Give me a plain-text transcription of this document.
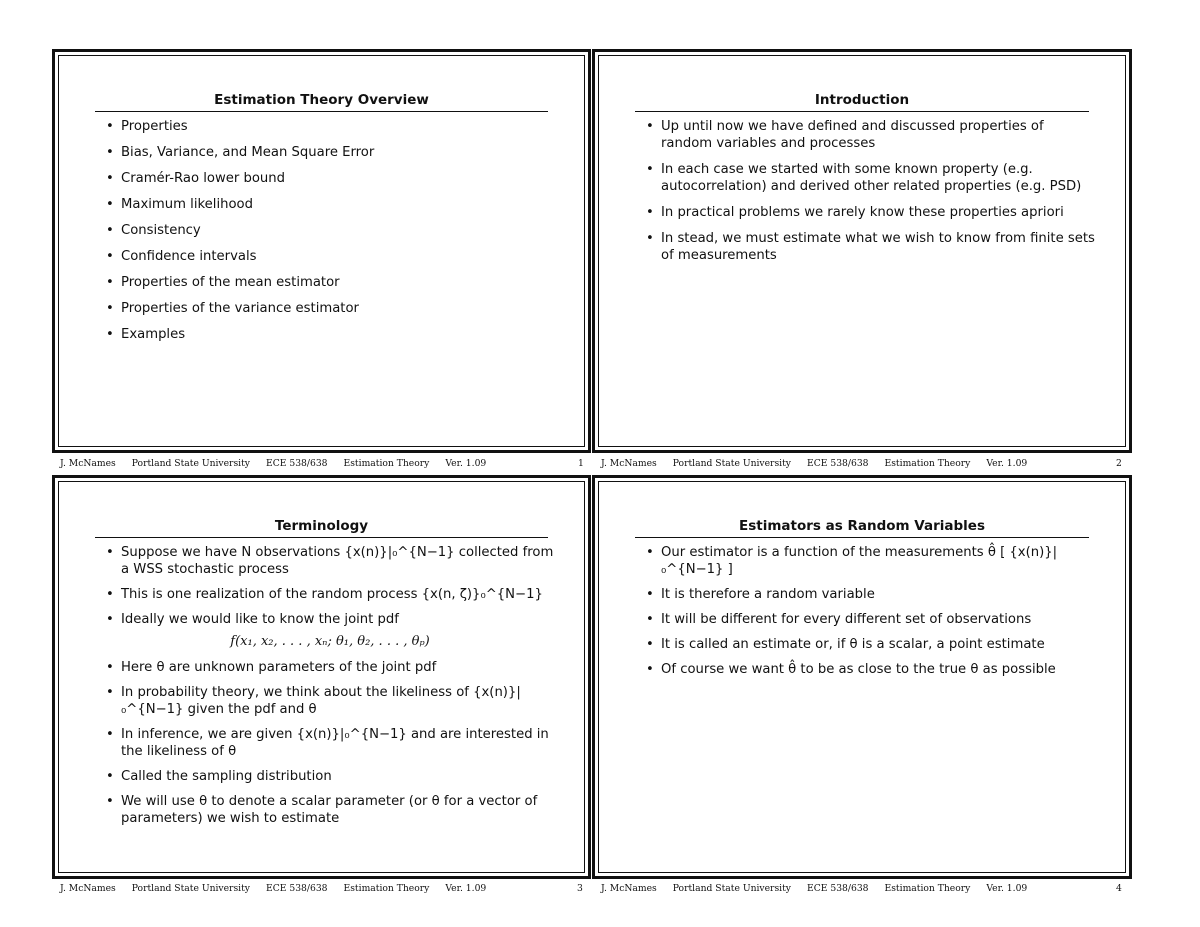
Estimation Theory Overview
• Properties
• Bias, Variance, and Mean Square Error
• Cramér-Rao lower bound
• Maximum likelihood
• Consistency
• Confidence intervals
• Properties of the mean estimator
• Properties of the variance estimator
• Examples
Introduction
• Up until now we have defined and discussed properties of random variables and processes
• In each case we started with some known property (e.g. autocorrelation) and derived other related properties (e.g. PSD)
• In practical problems we rarely know these properties apriori
• In stead, we must estimate what we wish to know from finite sets of measurements
Terminology
• Suppose we have N observations {x(n)}|₀^{N−1} collected from a WSS stochastic process
• This is one realization of the random process {x(n, ζ)}₀^{N−1}
• Ideally we would like to know the joint pdf
f(x₁, x₂, . . . , xₙ; θ₁, θ₂, . . . , θₚ)
• Here θ are unknown parameters of the joint pdf
• In probability theory, we think about the likeliness of {x(n)}|₀^{N−1} given the pdf and θ
• In inference, we are given {x(n)}|₀^{N−1} and are interested in the likeliness of θ
• Called the sampling distribution
• We will use θ to denote a scalar parameter (or θ for a vector of parameters) we wish to estimate
Estimators as Random Variables
• Our estimator is a function of the measurements θ̂ [ {x(n)}|₀^{N−1} ]
• It is therefore a random variable
• It will be different for every different set of observations
• It is called an estimate or, if θ is a scalar, a point estimate
• Of course we want θ̂ to be as close to the true θ as possible
J. McNames Portland State University ECE 538/638 Estimation Theory Ver. 1.09	1 J. McNames Portland State University ECE 538/638 Estimation Theory Ver. 1.09	2
J. McNames Portland State University ECE 538/638 Estimation Theory Ver. 1.09	3 J. McNames Portland State University ECE 538/638 Estimation Theory Ver. 1.09	4
